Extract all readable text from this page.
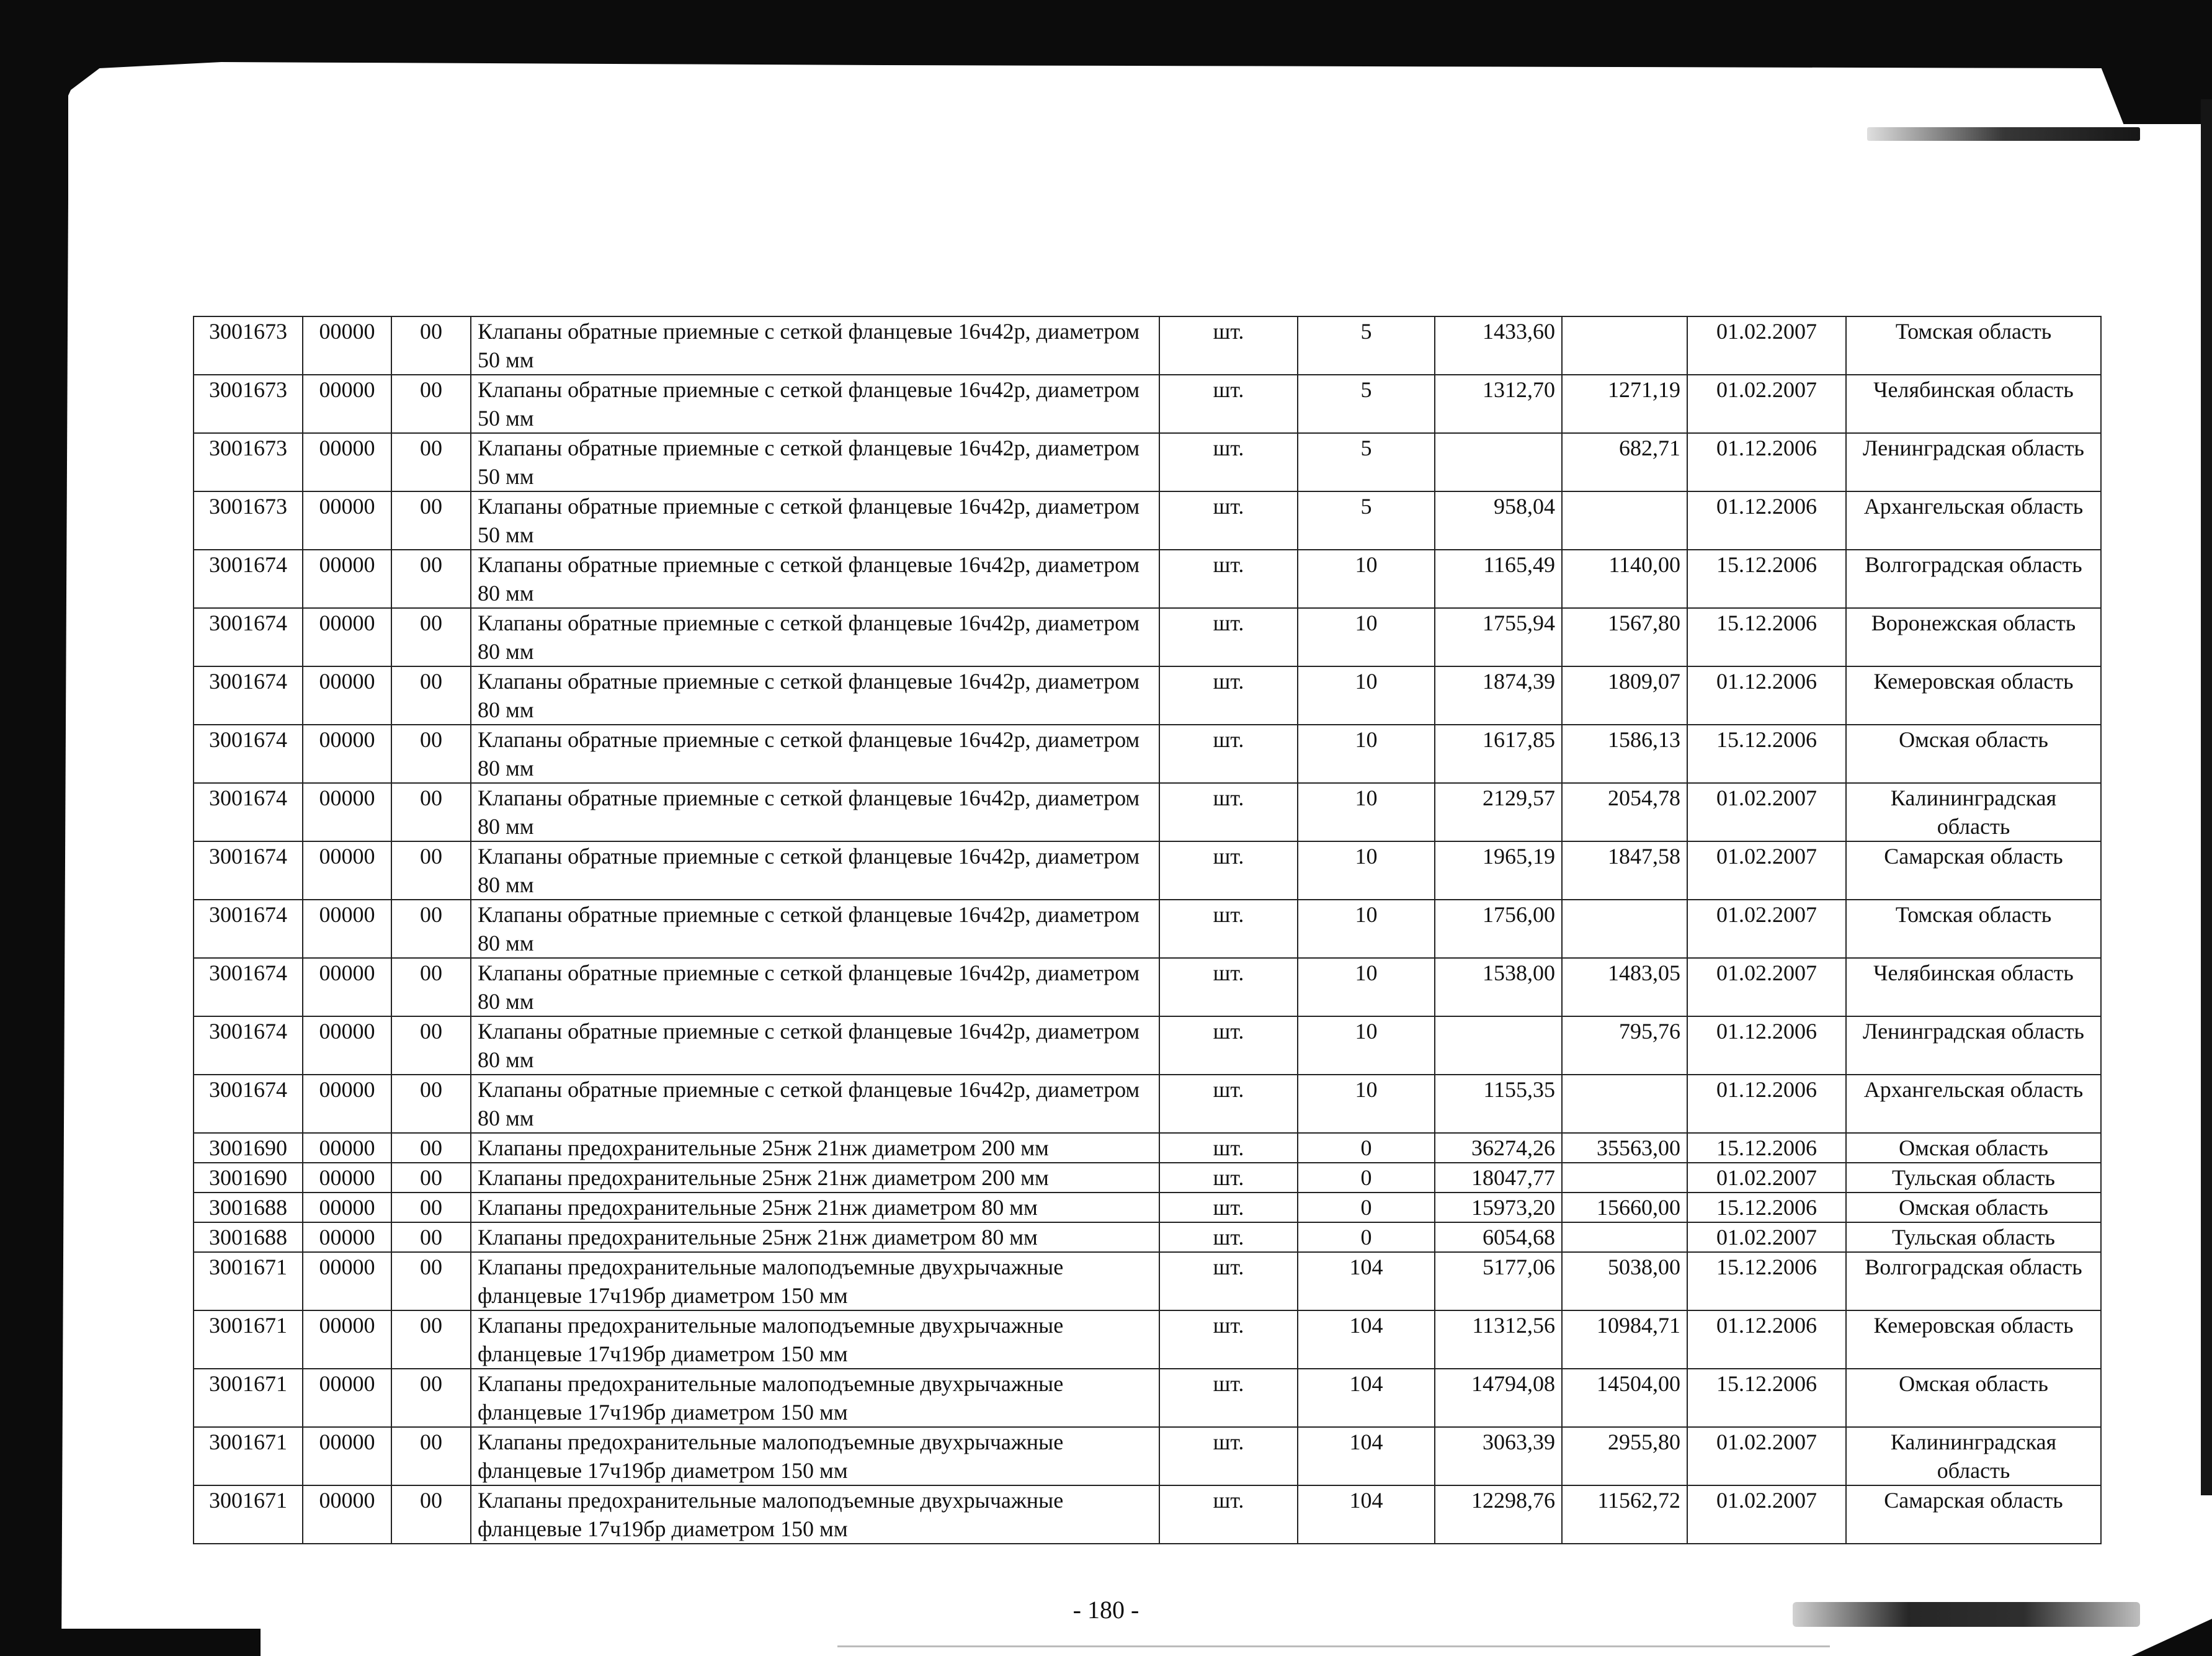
3001673	00000	00	Клапаны обратные приемные с сеткой фланцевые 16ч42р, диаметром 50 мм	шт.	5	1433,60		01.02.2007	Томская область
3001673	00000	00	Клапаны обратные приемные с сеткой фланцевые 16ч42р, диаметром 50 мм	шт.	5	1312,70	1271,19	01.02.2007	Челябинская область
3001673	00000	00	Клапаны обратные приемные с сеткой фланцевые 16ч42р, диаметром 50 мм	шт.	5		682,71	01.12.2006	Ленинградская область
3001673	00000	00	Клапаны обратные приемные с сеткой фланцевые 16ч42р, диаметром 50 мм	шт.	5	958,04		01.12.2006	Архангельская область
3001674	00000	00	Клапаны обратные приемные с сеткой фланцевые 16ч42р, диаметром 80 мм	шт.	10	1165,49	1140,00	15.12.2006	Волгоградская область
3001674	00000	00	Клапаны обратные приемные с сеткой фланцевые 16ч42р, диаметром 80 мм	шт.	10	1755,94	1567,80	15.12.2006	Воронежская область
3001674	00000	00	Клапаны обратные приемные с сеткой фланцевые 16ч42р, диаметром 80 мм	шт.	10	1874,39	1809,07	01.12.2006	Кемеровская область
3001674	00000	00	Клапаны обратные приемные с сеткой фланцевые 16ч42р, диаметром 80 мм	шт.	10	1617,85	1586,13	15.12.2006	Омская область
3001674	00000	00	Клапаны обратные приемные с сеткой фланцевые 16ч42р, диаметром 80 мм	шт.	10	2129,57	2054,78	01.02.2007	Калининградская область
3001674	00000	00	Клапаны обратные приемные с сеткой фланцевые 16ч42р, диаметром 80 мм	шт.	10	1965,19	1847,58	01.02.2007	Самарская область
3001674	00000	00	Клапаны обратные приемные с сеткой фланцевые 16ч42р, диаметром 80 мм	шт.	10	1756,00		01.02.2007	Томская область
3001674	00000	00	Клапаны обратные приемные с сеткой фланцевые 16ч42р, диаметром 80 мм	шт.	10	1538,00	1483,05	01.02.2007	Челябинская область
3001674	00000	00	Клапаны обратные приемные с сеткой фланцевые 16ч42р, диаметром 80 мм	шт.	10		795,76	01.12.2006	Ленинградская область
3001674	00000	00	Клапаны обратные приемные с сеткой фланцевые 16ч42р, диаметром 80 мм	шт.	10	1155,35		01.12.2006	Архангельская область
3001690	00000	00	Клапаны предохранительные 25нж 21нж диаметром 200 мм	шт.	0	36274,26	35563,00	15.12.2006	Омская область
3001690	00000	00	Клапаны предохранительные 25нж 21нж диаметром 200 мм	шт.	0	18047,77		01.02.2007	Тульская область
3001688	00000	00	Клапаны предохранительные 25нж 21нж диаметром 80 мм	шт.	0	15973,20	15660,00	15.12.2006	Омская область
3001688	00000	00	Клапаны предохранительные 25нж 21нж диаметром 80 мм	шт.	0	6054,68		01.02.2007	Тульская область
3001671	00000	00	Клапаны предохранительные малоподъемные двухрычажные фланцевые 17ч19бр диаметром 150 мм	шт.	104	5177,06	5038,00	15.12.2006	Волгоградская область
3001671	00000	00	Клапаны предохранительные малоподъемные двухрычажные фланцевые 17ч19бр диаметром 150 мм	шт.	104	11312,56	10984,71	01.12.2006	Кемеровская область
3001671	00000	00	Клапаны предохранительные малоподъемные двухрычажные фланцевые 17ч19бр диаметром 150 мм	шт.	104	14794,08	14504,00	15.12.2006	Омская область
3001671	00000	00	Клапаны предохранительные малоподъемные двухрычажные фланцевые 17ч19бр диаметром 150 мм	шт.	104	3063,39	2955,80	01.02.2007	Калининградская область
3001671	00000	00	Клапаны предохранительные малоподъемные двухрычажные фланцевые 17ч19бр диаметром 150 мм	шт.	104	12298,76	11562,72	01.02.2007	Самарская область
- 180 -
